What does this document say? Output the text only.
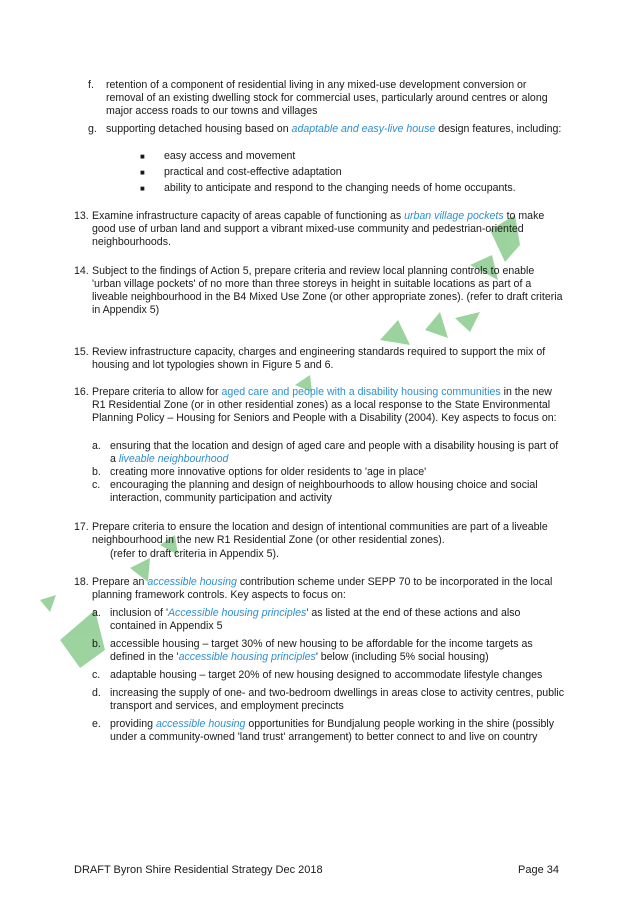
f.	retention of a component of residential living in any mixed-use development conversion or removal of an existing dwelling stock for commercial uses, particularly around centres or along major access roads to our towns and villages
g. supporting detached housing based on adaptable and easy-live house design features, including:
■	easy access and movement
■	practical and cost-effective adaptation
■	ability to anticipate and respond to the changing needs of home occupants.
13. Examine infrastructure capacity of areas capable of functioning as urban village pockets to make good use of urban land and support a vibrant mixed-use community and pedestrian-oriented neighbourhoods.
14. Subject to the findings of Action 5, prepare criteria and review local planning controls to enable 'urban village pockets' of no more than three storeys in height in suitable locations as part of a liveable neighbourhood in the B4 Mixed Use Zone (or other appropriate zones). (refer to draft criteria in Appendix 5)
15. Review infrastructure capacity, charges and engineering standards required to support the mix of housing and lot typologies shown in Figure 5 and 6.
16. Prepare criteria to allow for aged care and people with a disability housing communities in the new R1 Residential Zone (or in other residential zones) as a local response to the State Environmental Planning Policy – Housing for Seniors and People with a Disability (2004). Key aspects to focus on:
a. ensuring that the location and design of aged care and people with a disability housing is part of a liveable neighbourhood
b. creating more innovative options for older residents to 'age in place'
c. encouraging the planning and design of neighbourhoods to allow housing choice and social interaction, community participation and activity
17. Prepare criteria to ensure the location and design of intentional communities are part of a liveable neighbourhood in the new R1 Residential Zone (or other residential zones).
(refer to draft criteria in Appendix 5).
18. Prepare an accessible housing contribution scheme under SEPP 70 to be incorporated in the local planning framework controls. Key aspects to focus on:
a. inclusion of 'Accessible housing principles' as listed at the end of these actions and also contained in Appendix 5
b. accessible housing – target 30% of new housing to be affordable for the income targets as defined in the 'accessible housing principles' below (including 5% social housing)
c. adaptable housing – target 20% of new housing designed to accommodate lifestyle changes
d. increasing the supply of one- and two-bedroom dwellings in areas close to activity centres, public transport and services, and employment precincts
e. providing accessible housing opportunities for Bundjalung people working in the shire (possibly under a community-owned 'land trust' arrangement) to better connect to and live on country
DRAFT Byron Shire Residential Strategy Dec 2018	Page 34
